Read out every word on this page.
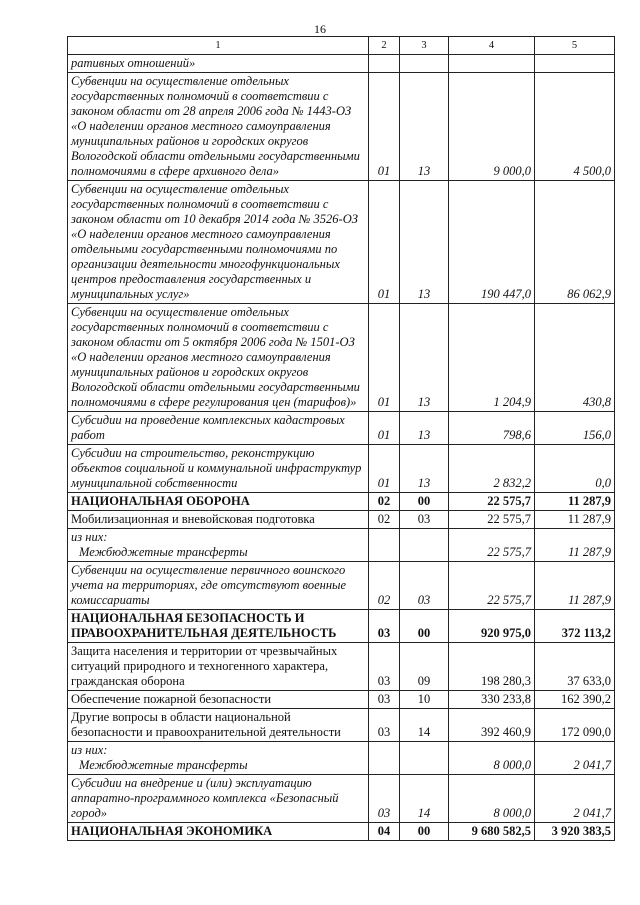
16
1	2	3	4	5
ративных отношений»				
Субвенции на осуществление отдельных государственных полномочий в соответствии с законом области от 28 апреля 2006 года № 1443-ОЗ «О наделении органов местного самоуправления муниципальных районов и городских округов Вологодской области отдельными государственными полномочиями в сфере архивного дела»	01	13	9 000,0	4 500,0
Субвенции на осуществление отдельных государственных полномочий в соответствии с законом области от 10 декабря 2014 года № 3526-ОЗ «О наделении органов местного самоуправления отдельными государственными полномочиями по организации деятельности многофункциональных центров предоставления государственных и муниципальных услуг»	01	13	190 447,0	86 062,9
Субвенции на осуществление отдельных государственных полномочий в соответствии с законом области от 5 октября 2006 года № 1501-ОЗ «О наделении органов местного самоуправления муниципальных районов и городских округов Вологодской области отдельными государственными полномочиями в сфере регулирования цен (тарифов)»	01	13	1 204,9	430,8
Субсидии на проведение комплексных кадастровых работ	01	13	798,6	156,0
Субсидии на строительство, реконструкцию объектов социальной и коммунальной инфраструктур муниципальной собственности	01	13	2 832,2	0,0
НАЦИОНАЛЬНАЯ ОБОРОНА	02	00	22 575,7	11 287,9
Мобилизационная и вневойсковая подготовка	02	03	22 575,7	11 287,9
из них:
Межбюджетные трансферты			22 575,7	11 287,9
Субвенции на осуществление первичного воинского учета на территориях, где отсутствуют военные комиссариаты	02	03	22 575,7	11 287,9
НАЦИОНАЛЬНАЯ БЕЗОПАСНОСТЬ И ПРАВООХРАНИТЕЛЬНАЯ ДЕЯТЕЛЬНОСТЬ	03	00	920 975,0	372 113,2
Защита населения и территории от чрезвычайных ситуаций природного и техногенного характера, гражданская оборона	03	09	198 280,3	37 633,0
Обеспечение пожарной безопасности	03	10	330 233,8	162 390,2
Другие вопросы в области национальной безопасности и правоохранительной деятельности	03	14	392 460,9	172 090,0
из них:
Межбюджетные трансферты			8 000,0	2 041,7
Субсидии на внедрение и (или) эксплуатацию аппаратно-программного комплекса «Безопасный город»	03	14	8 000,0	2 041,7
НАЦИОНАЛЬНАЯ ЭКОНОМИКА	04	00	9 680 582,5	3 920 383,5
